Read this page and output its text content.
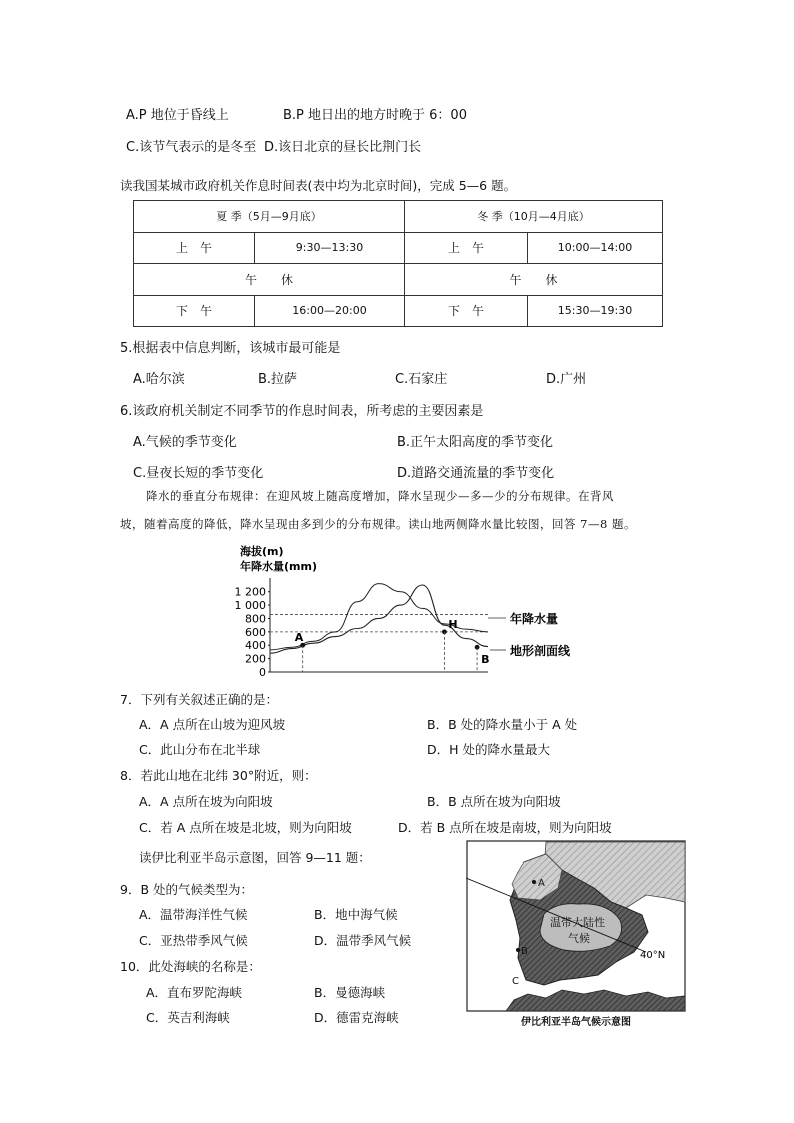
A.P 地位于昏线上	B.P 地日出的地方时晚于 6：00
C.该节气表示的是冬至 D.该日北京的昼长比荆门长
读我国某城市政府机关作息时间表(表中均为北京时间)，完成 5—6 题。
夏 季（5月—9月底）		冬 季（10月—4月底）	
上　午	9:30—13:30	上　午	10:00—14:00
午　　休		午　　休	
下　午	16:00—20:00	下　午	15:30—19:30
5.根据表中信息判断，该城市最可能是
A.哈尔滨	B.拉萨	C.石家庄	D.广州
6.该政府机关制定不同季节的作息时间表，所考虑的主要因素是
A.气候的季节变化	B.正午太阳高度的季节变化
C.昼夜长短的季节变化	D.道路交通流量的季节变化
降水的垂直分布规律：在迎风坡上随高度增加，降水呈现少—多—少的分布规律。在背风
坡，随着高度的降低，降水呈现由多到少的分布规律。读山地两侧降水量比较图，回答 7—8 题。
海拔(m)
年降水量(mm)
1 200
1 000
800
600
400
200
0
A
H
B
年降水量
地形剖面线
7．下列有关叙述正确的是：
A．A 点所在山坡为迎风坡	B．B 处的降水量小于 A 处
C．此山分布在北半球	D．H 处的降水量最大
8．若此山地在北纬 30°附近，则：
A．A 点所在坡为向阳坡	B．B 点所在坡为向阳坡
C．若 A 点所在坡是北坡，则为向阳坡	D．若 B 点所在坡是南坡，则为向阳坡
读伊比利亚半岛示意图，回答 9—11 题：
9．B 处的气候类型为：
A．温带海洋性气候	B．地中海气候
C．亚热带季风气候	D．温带季风气候
10．此处海峡的名称是：
A．直布罗陀海峡	B．曼德海峡
C．英吉利海峡	D．德雷克海峡
40°N
A
B
C
温带大陆性
气候
伊比利亚半岛气候示意图
